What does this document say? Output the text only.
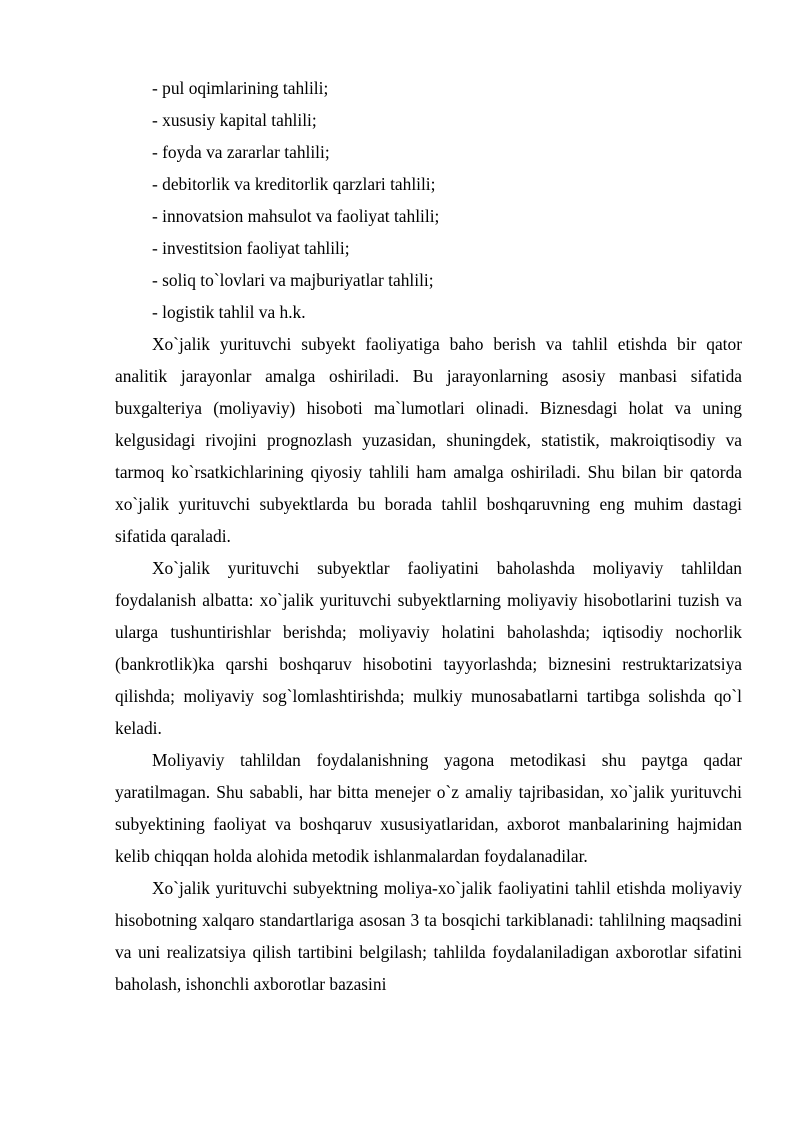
- pul oqimlarining tahlili;

- xususiy kapital tahlili;

- foyda va zararlar tahlili;

- debitorlik va kreditorlik qarzlari tahlili;

- innovatsion mahsulot va faoliyat tahlili;

- investitsion faoliyat tahlili;

- soliq to`lovlari va majburiyatlar tahlili;

- logistik tahlil va h.k.

Xo`jalik yurituvchi subyekt faoliyatiga baho berish va tahlil etishda bir qator analitik jarayonlar amalga oshiriladi. Bu jarayonlarning asosiy manbasi sifatida buxgalteriya (moliyaviy) hisoboti ma`lumotlari olinadi. Biznesdagi holat va uning kelgusidagi rivojini prognozlash yuzasidan, shuningdek, statistik, makroiqtisodiy va tarmoq ko`rsatkichlarining qiyosiy tahlili ham amalga oshiriladi. Shu bilan bir qatorda xo`jalik yurituvchi subyektlarda bu borada tahlil boshqaruvning eng muhim dastagi sifatida qaraladi.

Xo`jalik yurituvchi subyektlar faoliyatini baholashda moliyaviy tahlildan foydalanish albatta: xo`jalik yurituvchi subyektlarning moliyaviy hisobotlarini tuzish va ularga tushuntirishlar berishda; moliyaviy holatini baholashda; iqtisodiy nochorlik (bankrotlik)ka qarshi boshqaruv hisobotini tayyorlashda; biznesini restruktarizatsiya qilishda; moliyaviy sog`lomlashtirishda; mulkiy munosabatlarni tartibga solishda qo`l keladi.

Moliyaviy tahlildan foydalanishning yagona metodikasi shu paytga qadar yaratilmagan. Shu sababli, har bitta menejer o`z amaliy tajribasidan, xo`jalik yurituvchi subyektining faoliyat va boshqaruv xususiyatlaridan, axborot manbalarining hajmidan kelib chiqqan holda alohida metodik ishlanmalardan foydalanadilar.

Xo`jalik yurituvchi subyektning moliya-xo`jalik faoliyatini tahlil etishda moliyaviy hisobotning xalqaro standartlariga asosan 3 ta bosqichi tarkiblanadi: tahlilning maqsadini va uni realizatsiya qilish tartibini belgilash; tahlilda foydalaniladigan axborotlar sifatini baholash, ishonchli axborotlar bazasini
